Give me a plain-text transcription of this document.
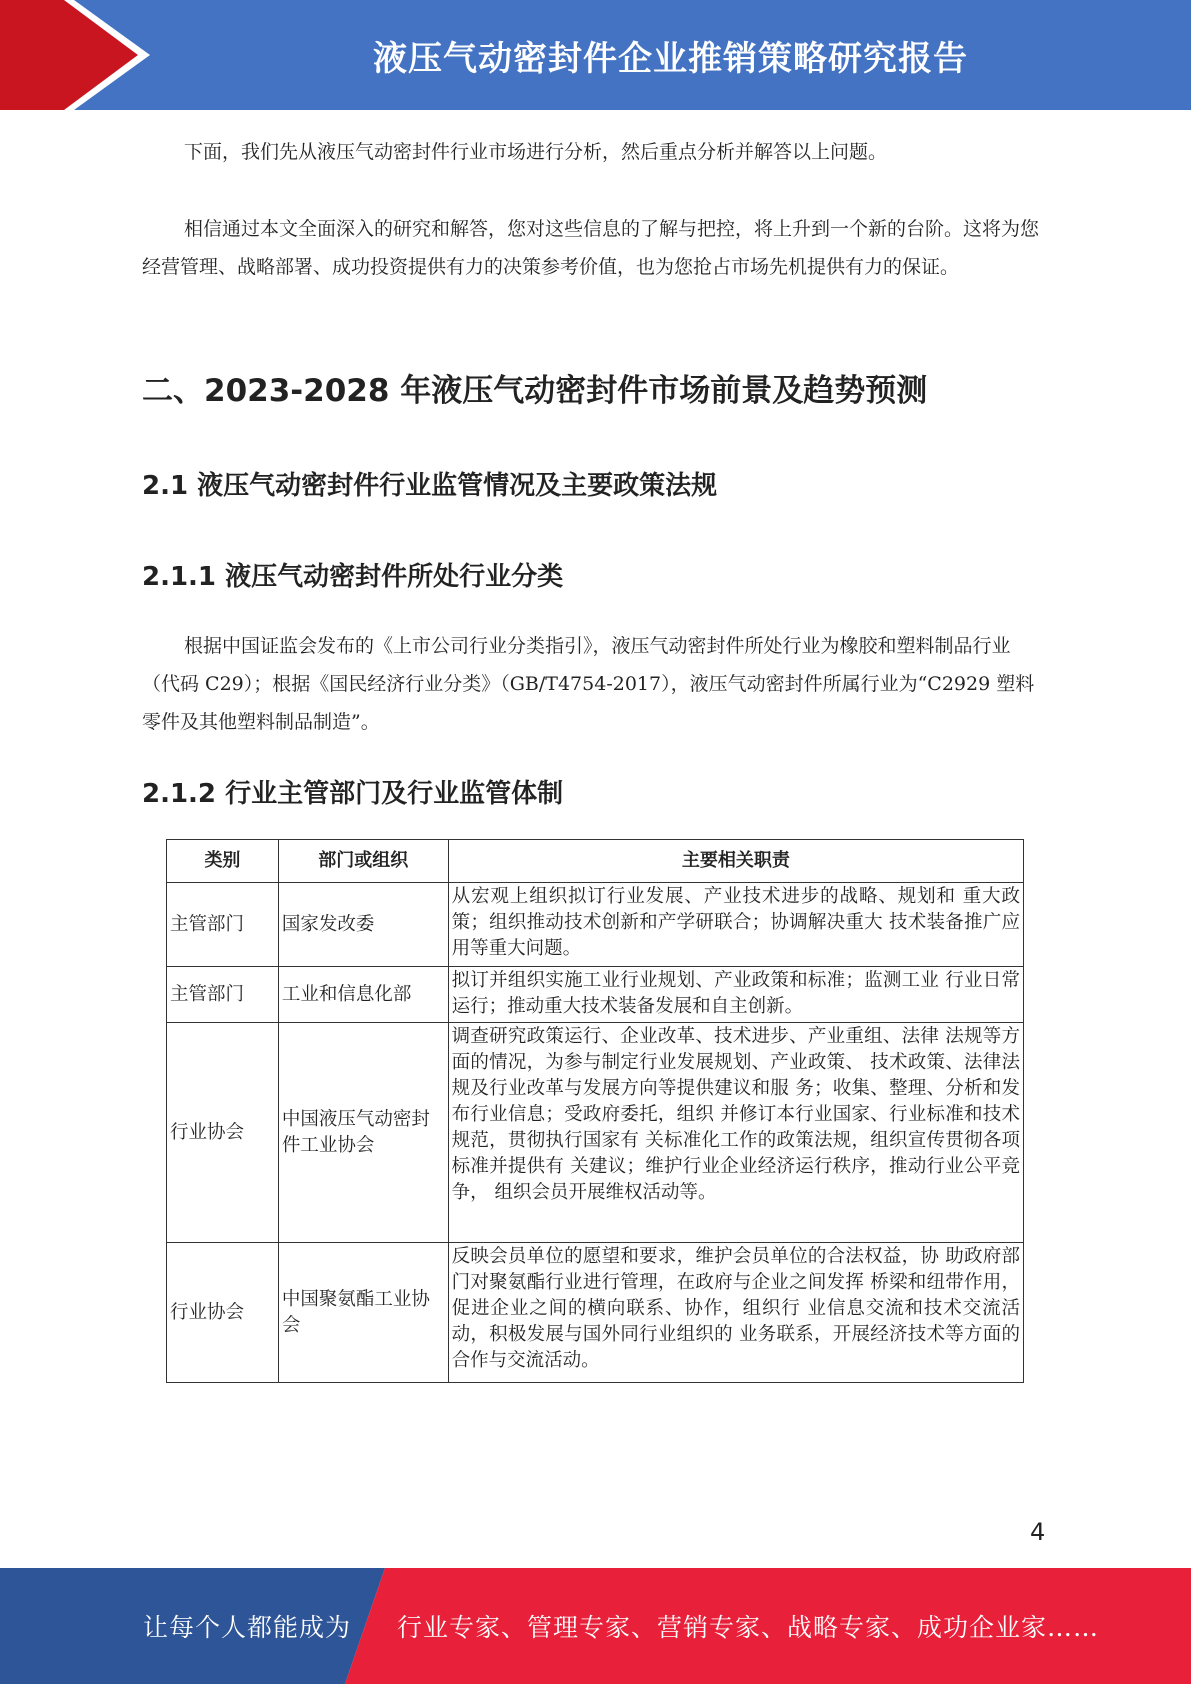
液压气动密封件企业推销策略研究报告

下面，我们先从液压气动密封件行业市场进行分析，然后重点分析并解答以上问题。

相信通过本文全面深入的研究和解答，您对这些信息的了解与把控，将上升到一个新的台阶。这将为您经营管理、战略部署、成功投资提供有力的决策参考价值，也为您抢占市场先机提供有力的保证。

二、2023-2028 年液压气动密封件市场前景及趋势预测
2.1 液压气动密封件行业监管情况及主要政策法规
2.1.1 液压气动密封件所处行业分类

根据中国证监会发布的《上市公司行业分类指引》，液压气动密封件所处行业为橡胶和塑料制品行业（代码 C29）；根据《国民经济行业分类》（GB/T4754-2017），液压气动密封件所属行业为“C2929 塑料零件及其他塑料制品制造”。

2.1.2 行业主管部门及行业监管体制
类别	部门或组织	主要相关职责
主管部门	国家发改委	从宏观上组织拟订行业发展、产业技术进步的战略、规划和 重大政策；组织推动技术创新和产学研联合；协调解决重大 技术装备推广应用等重大问题。
主管部门	工业和信息化部	拟订并组织实施工业行业规划、产业政策和标准；监测工业 行业日常运行；推动重大技术装备发展和自主创新。
行业协会	中国液压气动密封件工业协会	调查研究政策运行、企业改革、技术进步、产业重组、法律 法规等方面的情况，为参与制定行业发展规划、产业政策、 技术政策、法律法规及行业改革与发展方向等提供建议和服 务；收集、整理、分析和发布行业信息；受政府委托，组织 并修订本行业国家、行业标准和技术规范，贯彻执行国家有 关标准化工作的政策法规，组织宣传贯彻各项标准并提供有 关建议；维护行业企业经济运行秩序，推动行业公平竞争， 组织会员开展维权活动等。
行业协会	中国聚氨酯工业协会	反映会员单位的愿望和要求，维护会员单位的合法权益，协 助政府部门对聚氨酯行业进行管理，在政府与企业之间发挥 桥梁和纽带作用，促进企业之间的横向联系、协作，组织行 业信息交流和技术交流活动，积极发展与国外同行业组织的 业务联系，开展经济技术等方面的合作与交流活动。
4
让每个人都能成为 行业专家、管理专家、营销专家、战略专家、成功企业家……
